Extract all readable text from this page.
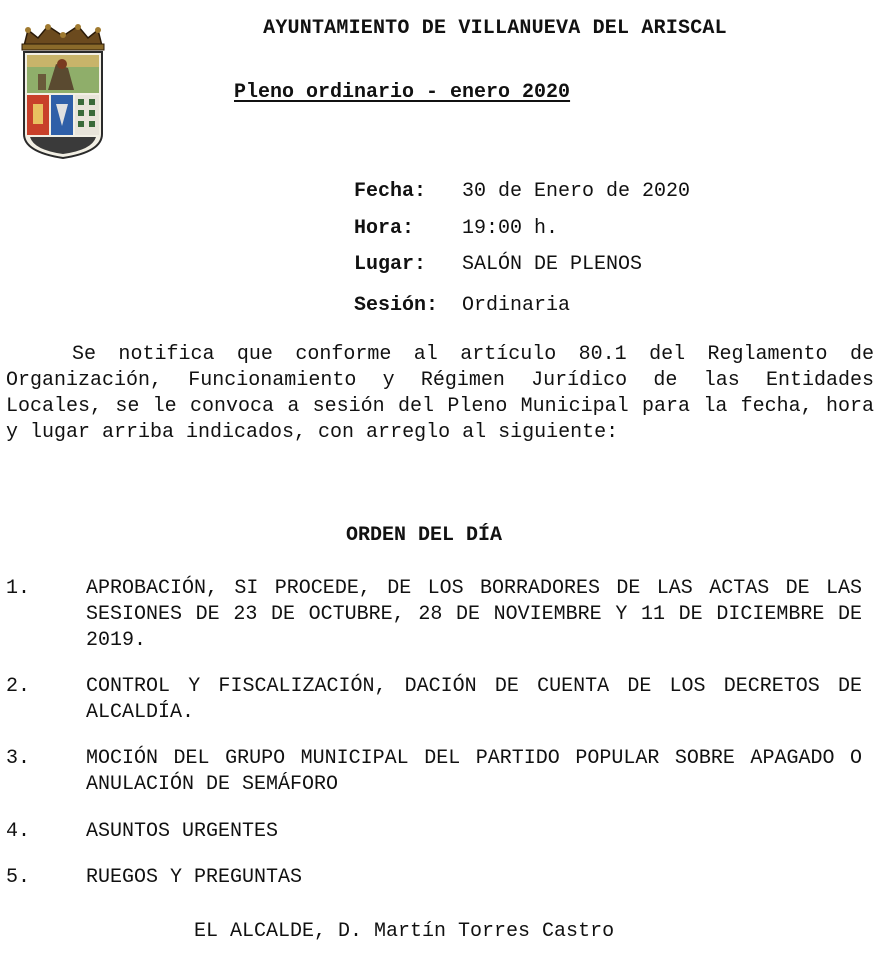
AYUNTAMIENTO DE VILLANUEVA DEL ARISCAL
Pleno ordinario - enero 2020

Fecha: 30 de Enero de 2020

Hora: 19:00 h.

Lugar: SALÓN DE PLENOS

Sesión: Ordinaria

Se notifica que conforme al artículo 80.1 del Reglamento de Organización, Funcionamiento y Régimen Jurídico de las Entidades Locales, se le convoca a sesión del Pleno Municipal para la fecha, hora y lugar arriba indicados, con arreglo al siguiente:
ORDEN DEL DÍA
1.	APROBACIÓN, SI PROCEDE, DE LOS BORRADORES DE LAS ACTAS DE LAS SESIONES DE 23 DE OCTUBRE, 28 DE NOVIEMBRE Y 11 DE DICIEMBRE DE 2019.
2.	CONTROL Y FISCALIZACIÓN, DACIÓN DE CUENTA DE LOS DECRETOS DE ALCALDÍA.
3.	MOCIÓN DEL GRUPO MUNICIPAL DEL PARTIDO POPULAR SOBRE APAGADO O ANULACIÓN DE SEMÁFORO
4.	ASUNTOS URGENTES
5.	RUEGOS Y PREGUNTAS
EL ALCALDE, D. Martín Torres Castro
